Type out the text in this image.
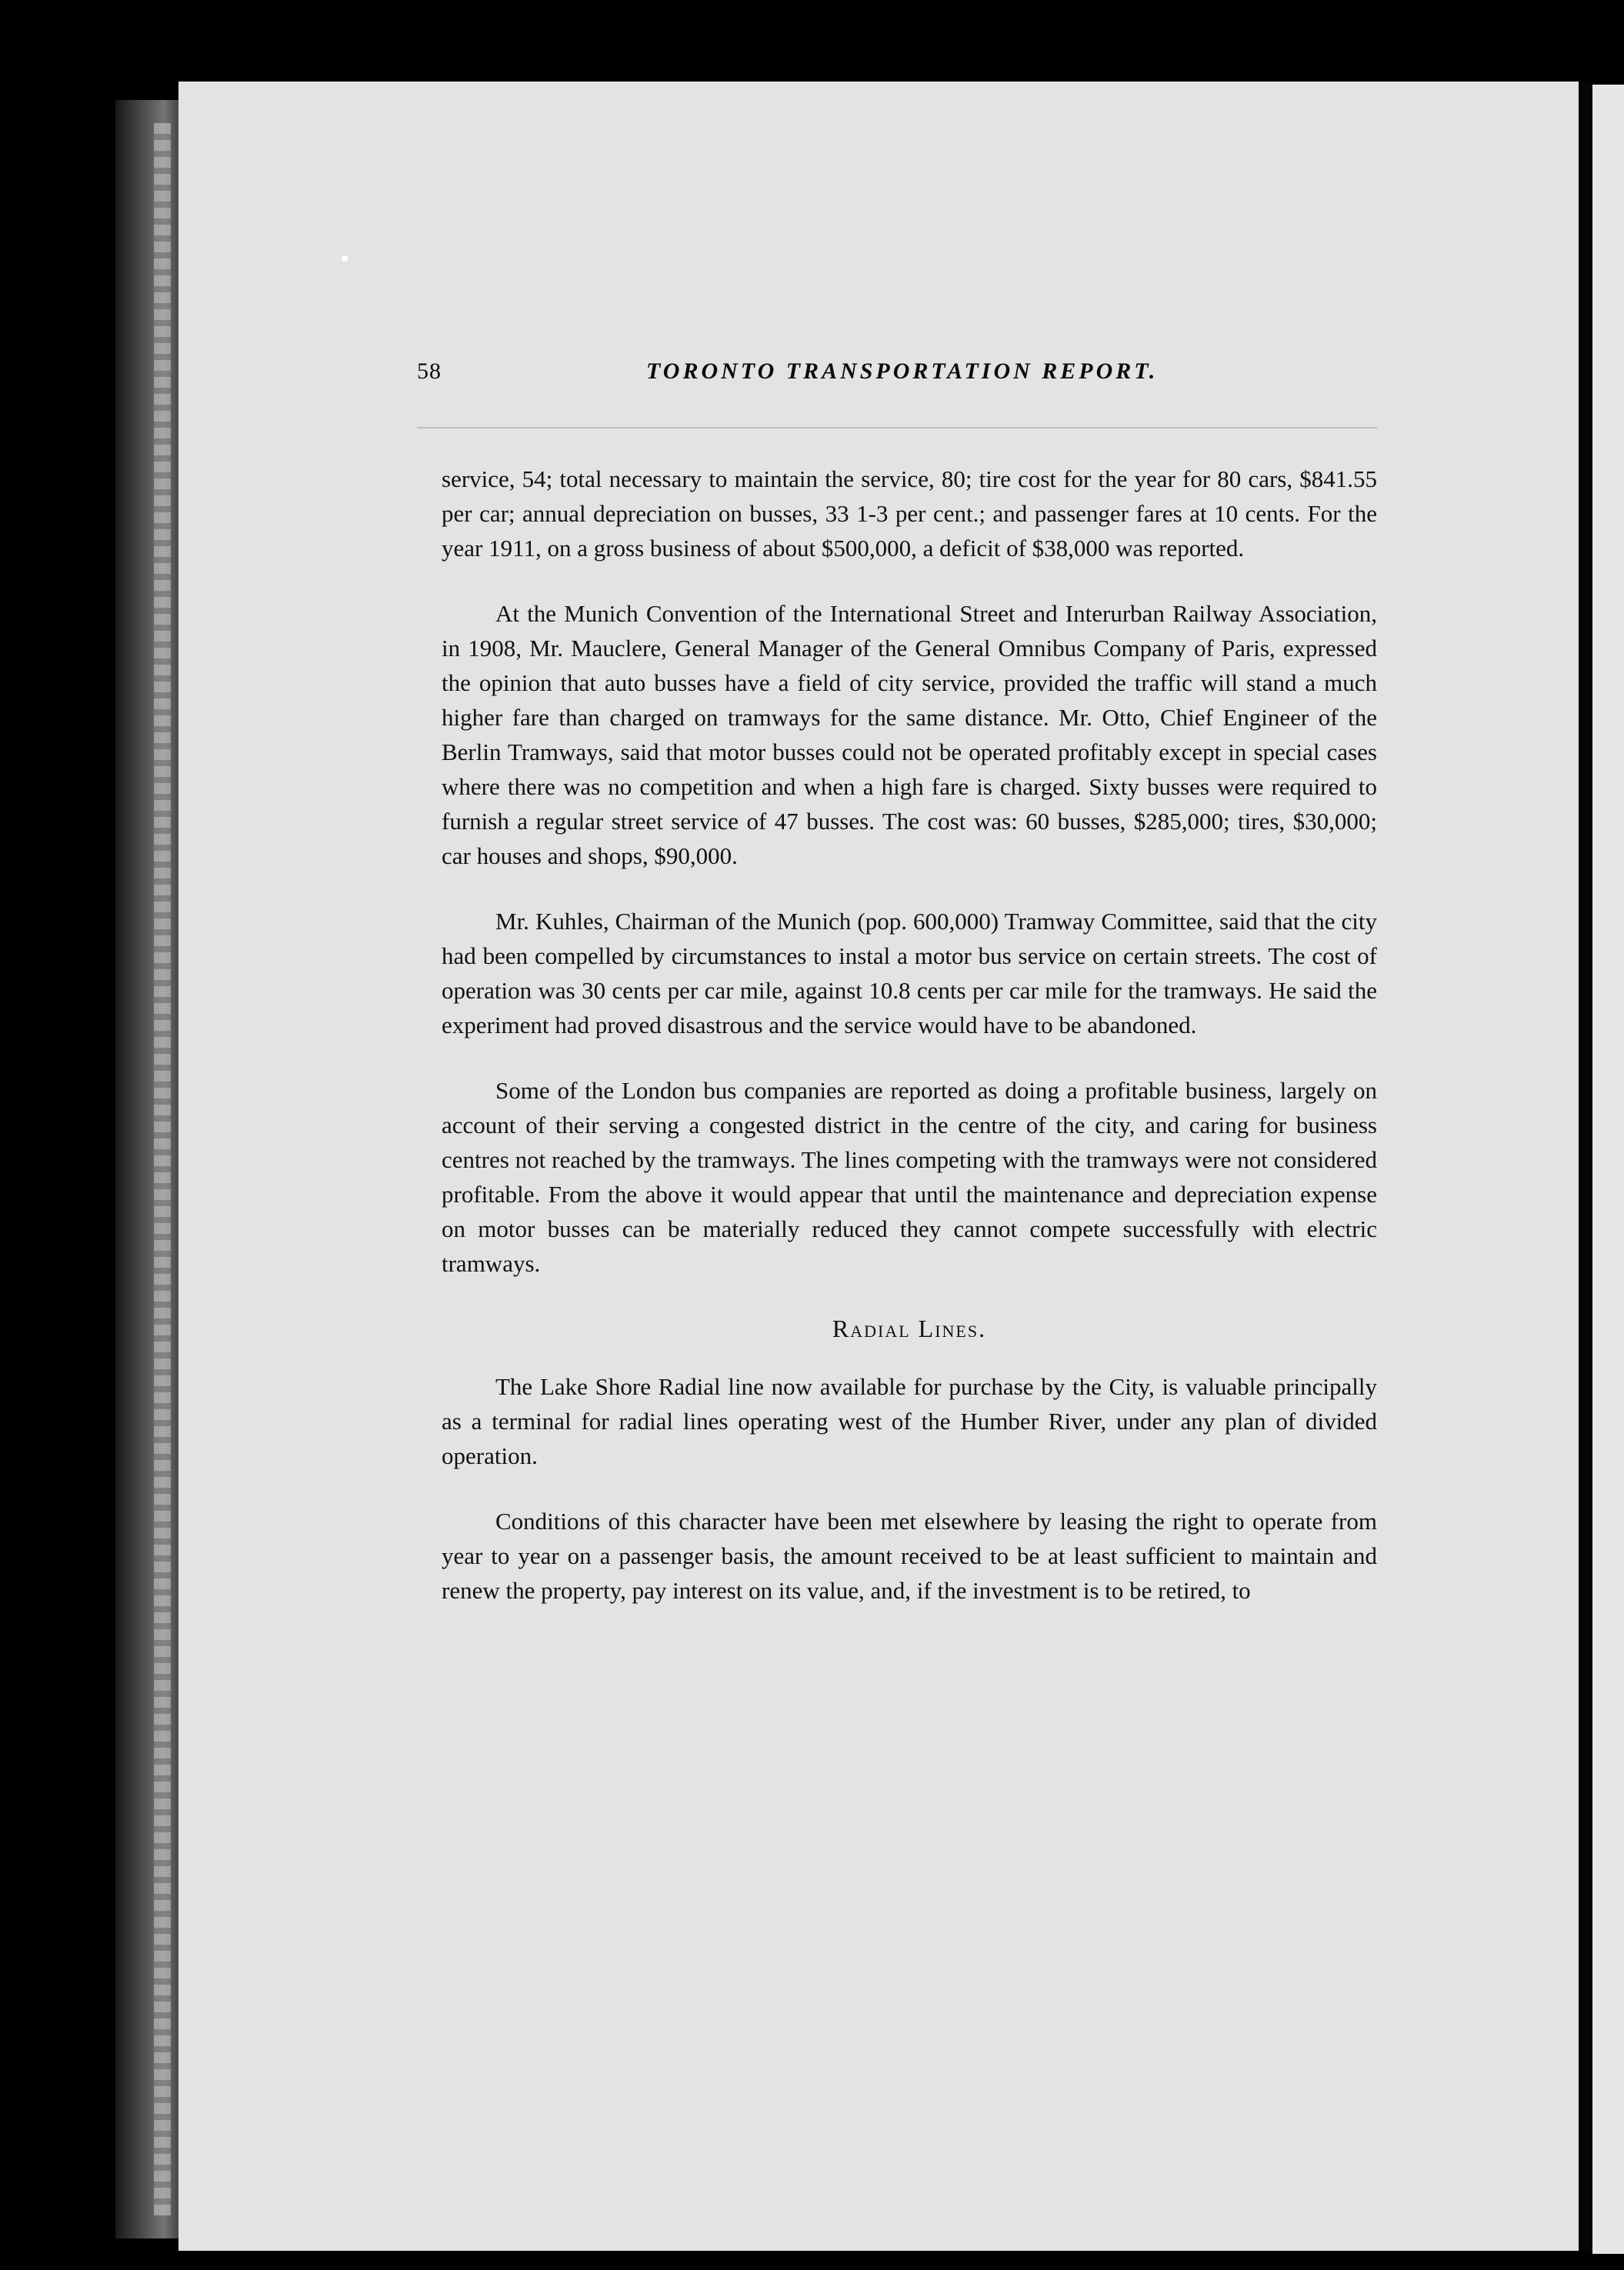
58	TORONTO TRANSPORTATION REPORT.

service, 54; total necessary to maintain the service, 80; tire cost for the year for 80 cars, $841.55 per car; annual depreciation on busses, 33 1-3 per cent.; and passenger fares at 10 cents. For the year 1911, on a gross business of about $500,000, a deficit of $38,000 was reported.

At the Munich Convention of the International Street and Interurban Railway Association, in 1908, Mr. Mauclere, General Manager of the General Omnibus Company of Paris, expressed the opinion that auto busses have a field of city service, provided the traffic will stand a much higher fare than charged on tramways for the same distance. Mr. Otto, Chief Engineer of the Berlin Tramways, said that motor busses could not be operated profitably except in special cases where there was no competition and when a high fare is charged. Sixty busses were required to furnish a regular street service of 47 busses. The cost was: 60 busses, $285,000; tires, $30,000; car houses and shops, $90,000.

Mr. Kuhles, Chairman of the Munich (pop. 600,000) Tramway Committee, said that the city had been compelled by circumstances to instal a motor bus service on certain streets. The cost of operation was 30 cents per car mile, against 10.8 cents per car mile for the tramways. He said the experiment had proved disastrous and the service would have to be abandoned.

Some of the London bus companies are reported as doing a profitable business, largely on account of their serving a congested district in the centre of the city, and caring for business centres not reached by the tramways. The lines competing with the tramways were not considered profitable. From the above it would appear that until the maintenance and depreciation expense on motor busses can be materially reduced they cannot compete successfully with electric tramways.

Radial Lines.

The Lake Shore Radial line now available for purchase by the City, is valuable principally as a terminal for radial lines operating west of the Humber River, under any plan of divided operation.

Conditions of this character have been met elsewhere by leasing the right to operate from year to year on a passenger basis, the amount received to be at least sufficient to maintain and renew the property, pay interest on its value, and, if the investment is to be retired, to
